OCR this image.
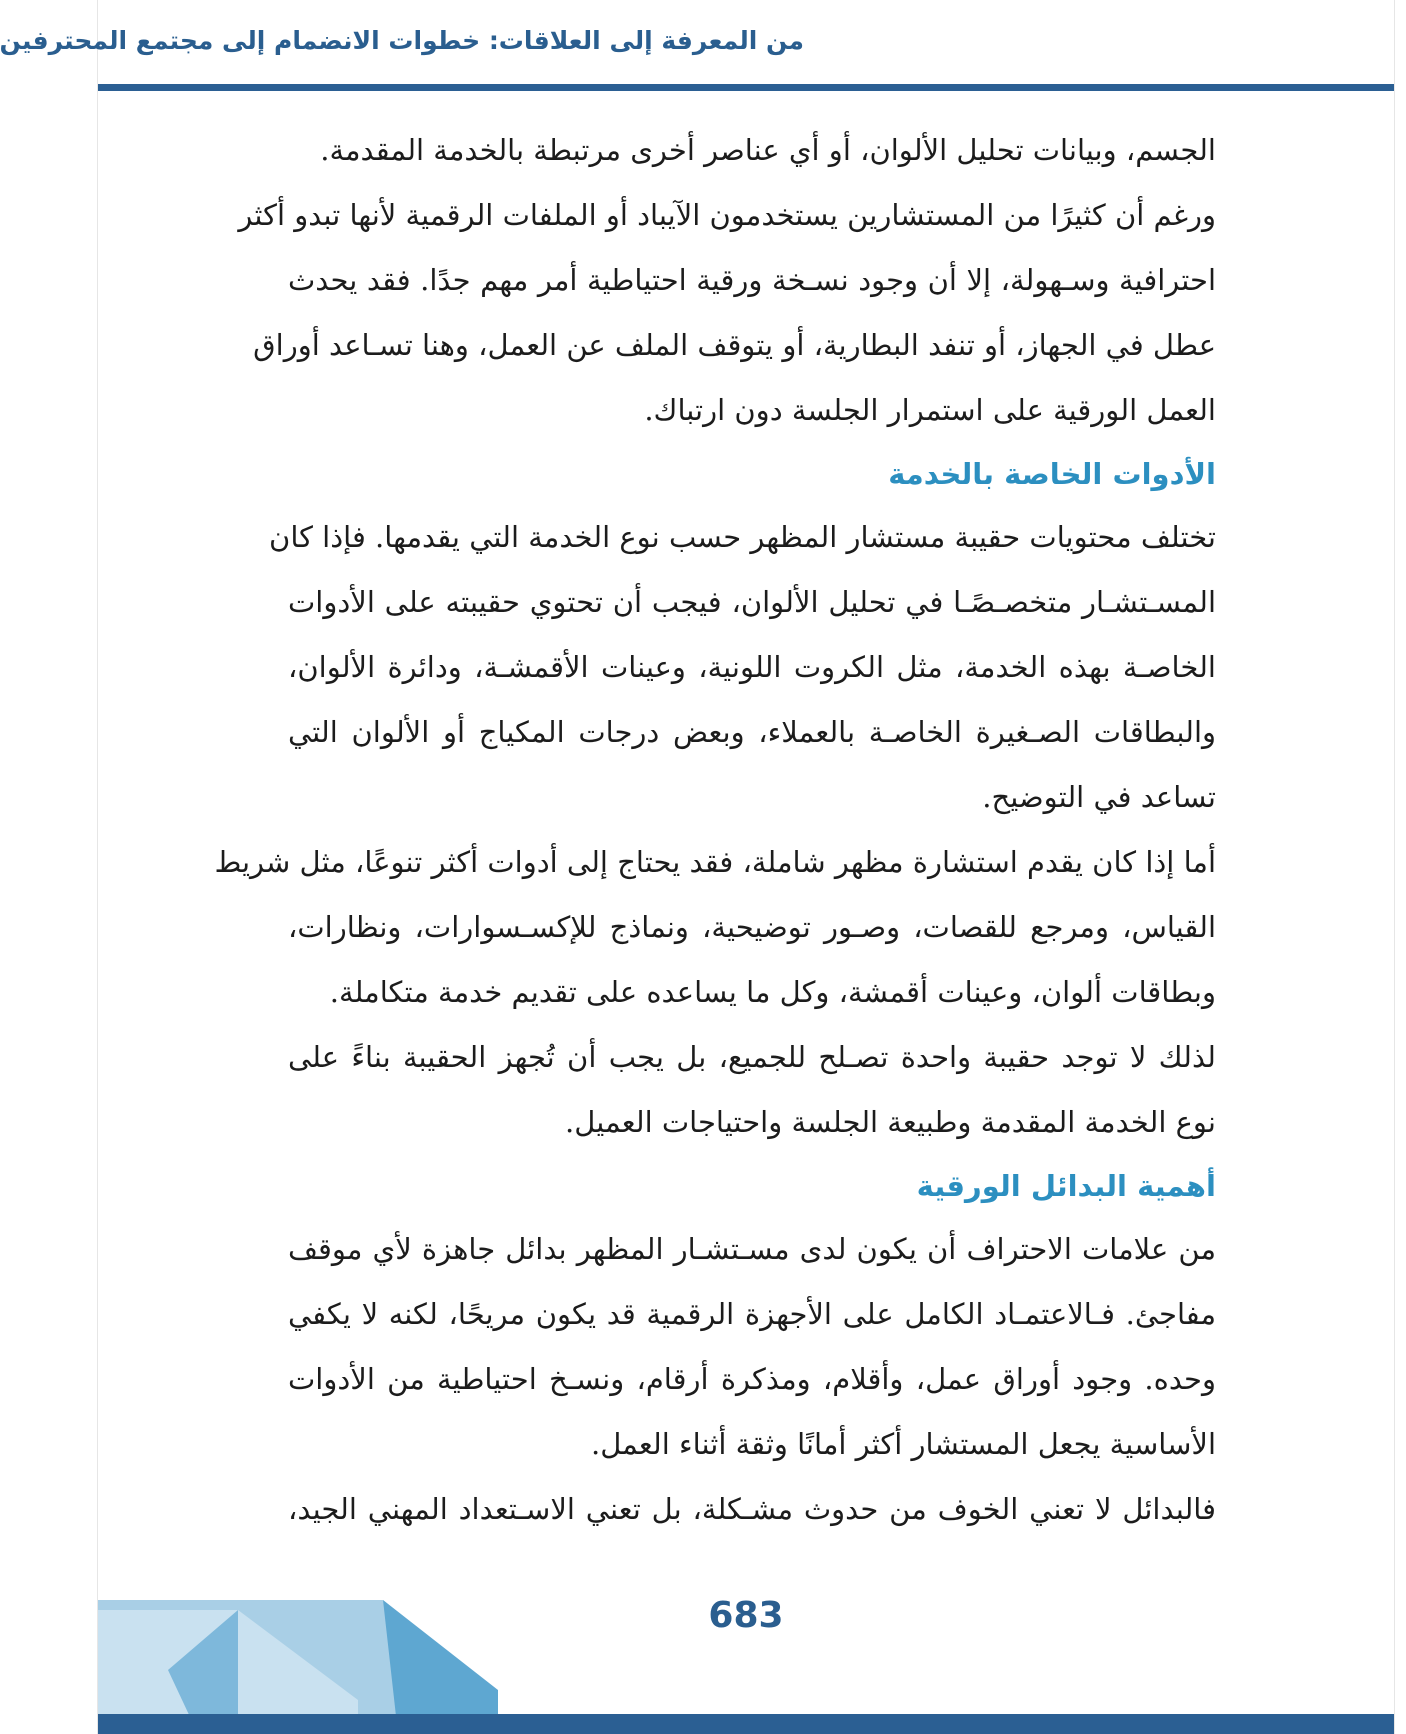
من المعرفة إلى العلاقات: خطوات الانضمام إلى مجتمع المحترفين
الجسم، وبيانات تحليل الألوان، أو أي عناصر أخرى مرتبطة بالخدمة المقدمة.
ورغم أن كثيرًا من المستشارين يستخدمون الآيباد أو الملفات الرقمية لأنها تبدو أكثر
احترافية وسـهولة، إلا أن وجود نسـخة ورقية احتياطية أمر مهم جدًا. فقد يحدث
عطل في الجهاز، أو تنفد البطارية، أو يتوقف الملف عن العمل، وهنا تسـاعد أوراق
العمل الورقية على استمرار الجلسة دون ارتباك.
الأدوات الخاصة بالخدمة
تختلف محتويات حقيبة مستشار المظهر حسب نوع الخدمة التي يقدمها. فإذا كان
المسـتشـار متخصـصًـا في تحليل الألوان، فيجب أن تحتوي حقيبته على الأدوات
الخاصـة بهذه الخدمة، مثل الكروت اللونية، وعينات الأقمشـة، ودائرة الألوان،
والبطاقات الصـغيرة الخاصـة بالعملاء، وبعض درجات المكياج أو الألوان التي
تساعد في التوضيح.
أما إذا كان يقدم استشارة مظهر شاملة، فقد يحتاج إلى أدوات أكثر تنوعًا، مثل شريط
القياس، ومرجع للقصات، وصـور توضيحية، ونماذج للإكسـسوارات، ونظارات،
وبطاقات ألوان، وعينات أقمشة، وكل ما يساعده على تقديم خدمة متكاملة.
لذلك لا توجد حقيبة واحدة تصـلح للجميع، بل يجب أن تُجهز الحقيبة بناءً على
نوع الخدمة المقدمة وطبيعة الجلسة واحتياجات العميل.
أهمية البدائل الورقية
من علامات الاحتراف أن يكون لدى مسـتشـار المظهر بدائل جاهزة لأي موقف
مفاجئ. فـالاعتمـاد الكامل على الأجهزة الرقمية قد يكون مريحًا، لكنه لا يكفي
وحده. وجود أوراق عمل، وأقلام، ومذكرة أرقام، ونسـخ احتياطية من الأدوات
الأساسية يجعل المستشار أكثر أمانًا وثقة أثناء العمل.
فالبدائل لا تعني الخوف من حدوث مشـكلة، بل تعني الاسـتعداد المهني الجيد،
683
